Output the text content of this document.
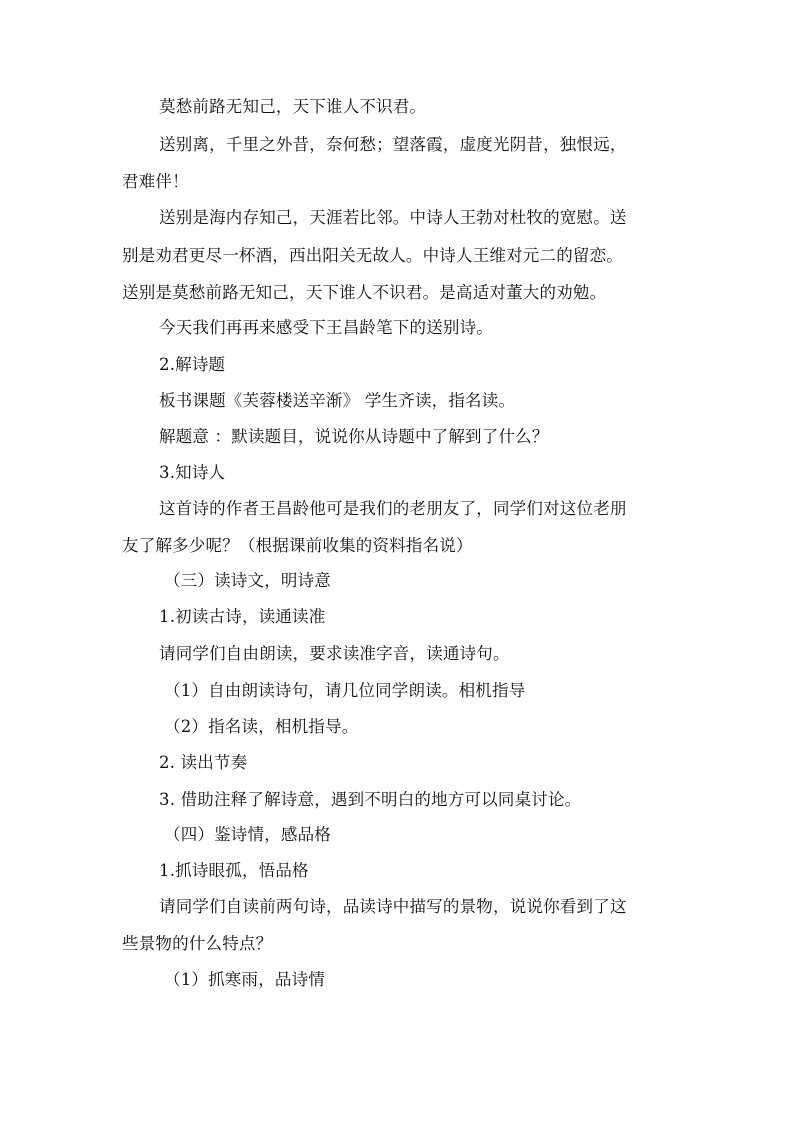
莫愁前路无知己，天下谁人不识君。
送别离，千里之外昔，奈何愁；望落霞，虚度光阴昔，独恨远，
君难伴！
送别是海内存知己，天涯若比邻。中诗人王勃对杜牧的宽慰。送
别是劝君更尽一杯酒，西出阳关无故人。中诗人王维对元二的留恋。
送别是莫愁前路无知己，天下谁人不识君。是高适对董大的劝勉。
今天我们再再来感受下王昌龄笔下的送别诗。
2.解诗题
板书课题《芙蓉楼送辛渐》 学生齐读，指名读。
解题意 ：默读题目，说说你从诗题中了解到了什么？
3.知诗人
这首诗的作者王昌龄他可是我们的老朋友了，同学们对这位老朋
友了解多少呢？（根据课前收集的资料指名说）
（三）读诗文，明诗意
1.初读古诗，读通读准
请同学们自由朗读，要求读准字音，读通诗句。
（1）自由朗读诗句，请几位同学朗读。相机指导
（2）指名读，相机指导。
2. 读出节奏
3. 借助注释了解诗意，遇到不明白的地方可以同桌讨论。
（四）鉴诗情，感品格
1.抓诗眼孤，悟品格
请同学们自读前两句诗，品读诗中描写的景物，说说你看到了这
些景物的什么特点？
（1）抓寒雨，品诗情
